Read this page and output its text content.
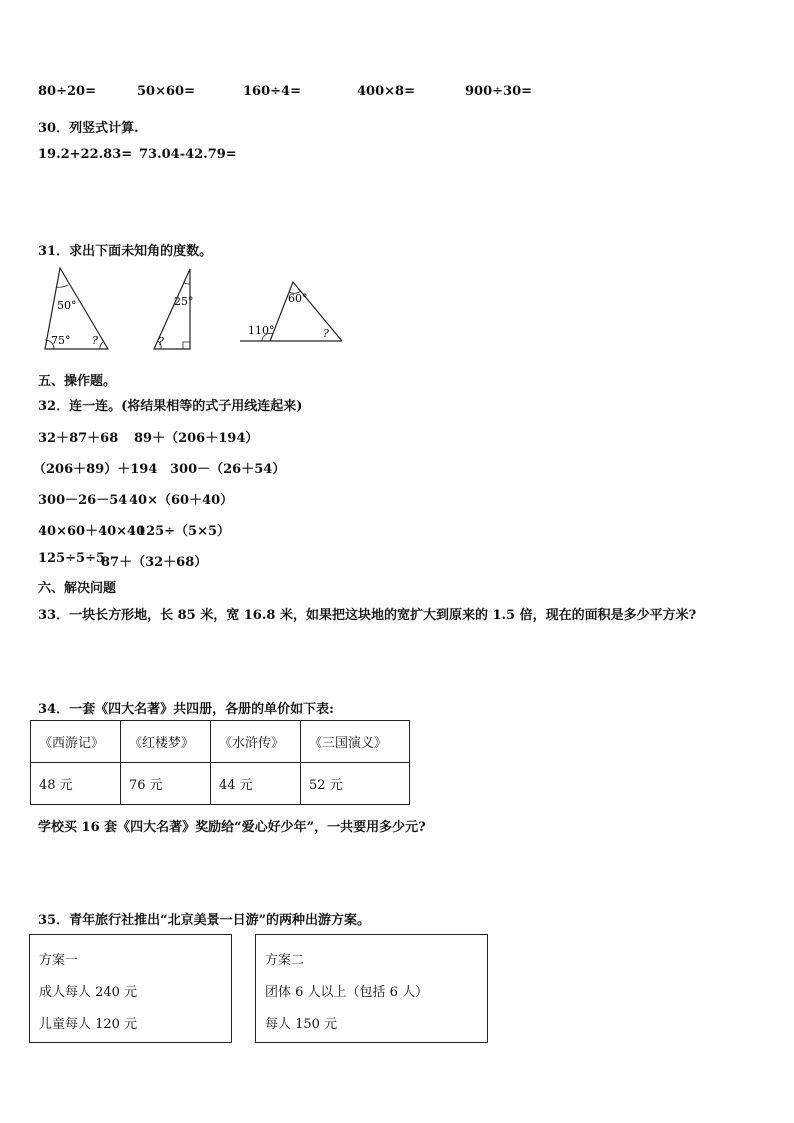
80÷20=	50×60=	160÷4=	400×8=	900÷30=
30．列竖式计算.
19.2+22.83= 73.04-42.79=
31．求出下面未知角的度数。
50°
75° ?
25°
?
60°
110°	?
五、操作题。
32．连一连。(将结果相等的式子用线连起来)
32＋87＋68 89＋（206＋194）
（206＋89）＋194 300－（26＋54）
300－26－54 40×（60＋40）
40×60＋40×40
125÷（5×5）
125÷5÷5
87＋（32＋68）
六、解决问题
33．一块长方形地，长 85 米，宽 16.8 米，如果把这块地的宽扩大到原来的 1.5 倍，现在的面积是多少平方米?
34．一套《四大名著》共四册，各册的单价如下表:
《西游记》	《红楼梦》	《水浒传》	《三国演义》
48 元	76 元	44 元	52 元
学校买 16 套《四大名著》奖励给“爱心好少年”，一共要用多少元?
35．青年旅行社推出“北京美景一日游”的两种出游方案。
方案一
成人每人 240 元
儿童每人 120 元
方案二
团体 6 人以上（包括 6 人）
每人 150 元
